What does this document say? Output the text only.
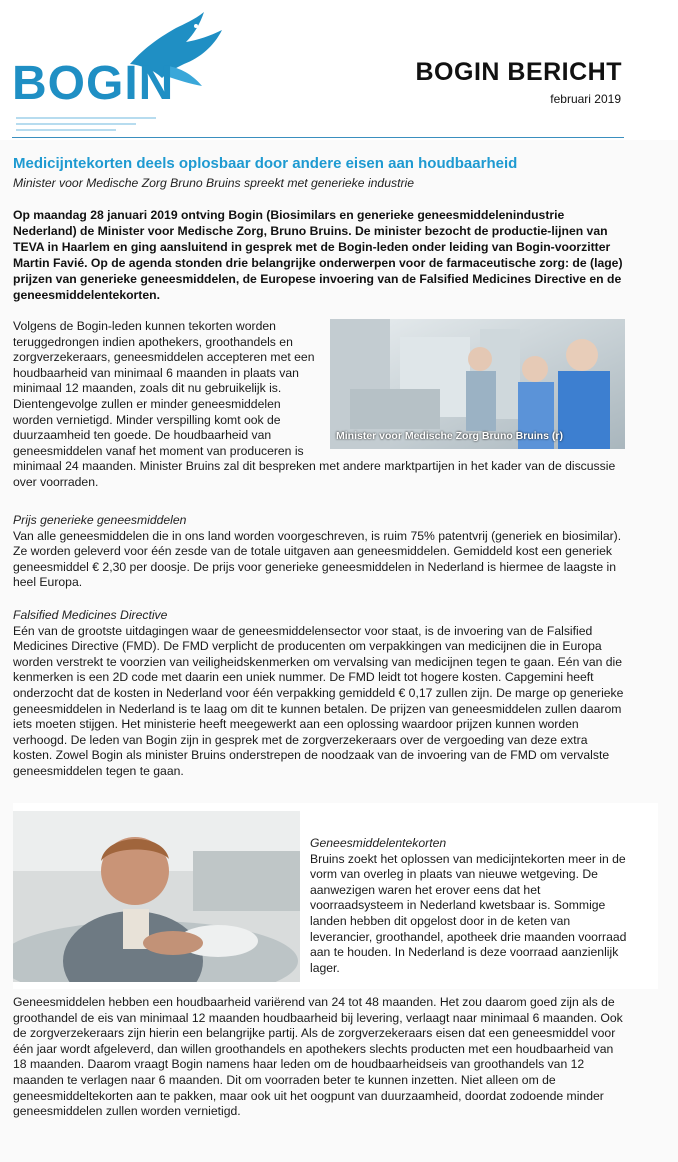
BOGIN	BOGIN BERICHT
februari 2019
Medicijntekorten deels oplosbaar door andere eisen aan houdbaarheid
Minister voor Medische Zorg Bruno Bruins spreekt met generieke industrie

Op maandag 28 januari 2019 ontving Bogin (Biosimilars en generieke geneesmiddelenindustrie Nederland) de Minister voor Medische Zorg, Bruno Bruins. De minister bezocht de productie-lijnen van TEVA in Haarlem en ging aansluitend in gesprek met de Bogin-leden onder leiding van Bogin-voorzitter Martin Favié. Op de agenda stonden drie belangrijke onderwerpen voor de farmaceutische zorg: de (lage) prijzen van generieke geneesmiddelen, de Europese invoering van de Falsified Medicines Directive en de geneesmiddelentekorten.

Minister voor Medische Zorg Bruno Bruins (r)
Volgens de Bogin-leden kunnen tekorten worden teruggedrongen indien apothekers, groothandels en zorgverzekeraars, geneesmiddelen accepteren met een houdbaarheid van minimaal 6 maanden in plaats van minimaal 12 maanden, zoals dit nu gebruikelijk is. Dientengevolge zullen er minder geneesmiddelen worden vernietigd. Minder verspilling komt ook de duurzaamheid ten goede. De houdbaarheid van geneesmiddelen vanaf het moment van produceren is minimaal 24 maanden. Minister Bruins zal dit bespreken met andere marktpartijen in het kader van de discussie over voorraden.
Prijs generieke geneesmiddelen
Van alle geneesmiddelen die in ons land worden voorgeschreven, is ruim 75% patentvrij (generiek en biosimilar). Ze worden geleverd voor één zesde van de totale uitgaven aan geneesmiddelen. Gemiddeld kost een generiek geneesmiddel € 2,30 per doosje. De prijs voor generieke geneesmiddelen in Nederland is hiermee de laagste in heel Europa.
Falsified Medicines Directive
Eén van de grootste uitdagingen waar de geneesmiddelensector voor staat, is de invoering van de Falsified Medicines Directive (FMD). De FMD verplicht de producenten om verpakkingen van medicijnen die in Europa worden verstrekt te voorzien van veiligheidskenmerken om vervalsing van medicijnen tegen te gaan. Eén van die kenmerken is een 2D code met daarin een uniek nummer. De FMD leidt tot hogere kosten. Capgemini heeft onderzocht dat de kosten in Nederland voor één verpakking gemiddeld € 0,17 zullen zijn. De marge op generieke geneesmiddelen in Nederland is te laag om dit te kunnen betalen. De prijzen van geneesmiddelen zullen daarom iets moeten stijgen. Het ministerie heeft meegewerkt aan een oplossing waardoor prijzen kunnen worden verhoogd. De leden van Bogin zijn in gesprek met de zorgverzekeraars over de vergoeding van deze extra kosten. Zowel Bogin als minister Bruins onderstrepen de noodzaak van de invoering van de FMD om vervalste geneesmiddelen tegen te gaan.
Geneesmiddelentekorten
Bruins zoekt het oplossen van medicijntekorten meer in de vorm van overleg in plaats van nieuwe wetgeving. De aanwezigen waren het erover eens dat het voorraadsysteem in Nederland kwetsbaar is. Sommige landen hebben dit opgelost door in de keten van leverancier, groothandel, apotheek drie maanden voorraad aan te houden. In Nederland is deze voorraad aanzienlijk lager.

Geneesmiddelen hebben een houdbaarheid variërend van 24 tot 48 maanden. Het zou daarom goed zijn als de groothandel de eis van minimaal 12 maanden houdbaarheid bij levering, verlaagt naar minimaal 6 maanden. Ook de zorgverzekeraars zijn hierin een belangrijke partij. Als de zorgverzekeraars eisen dat een geneesmiddel voor één jaar wordt afgeleverd, dan willen groothandels en apothekers slechts producten met een houdbaarheid van 18 maanden. Daarom vraagt Bogin namens haar leden om de houdbaarheidseis van groothandels van 12 maanden te verlagen naar 6 maanden. Dit om voorraden beter te kunnen inzetten. Niet alleen om de geneesmiddeltekorten aan te pakken, maar ook uit het oogpunt van duurzaamheid, doordat zodoende minder geneesmiddelen zullen worden vernietigd.
